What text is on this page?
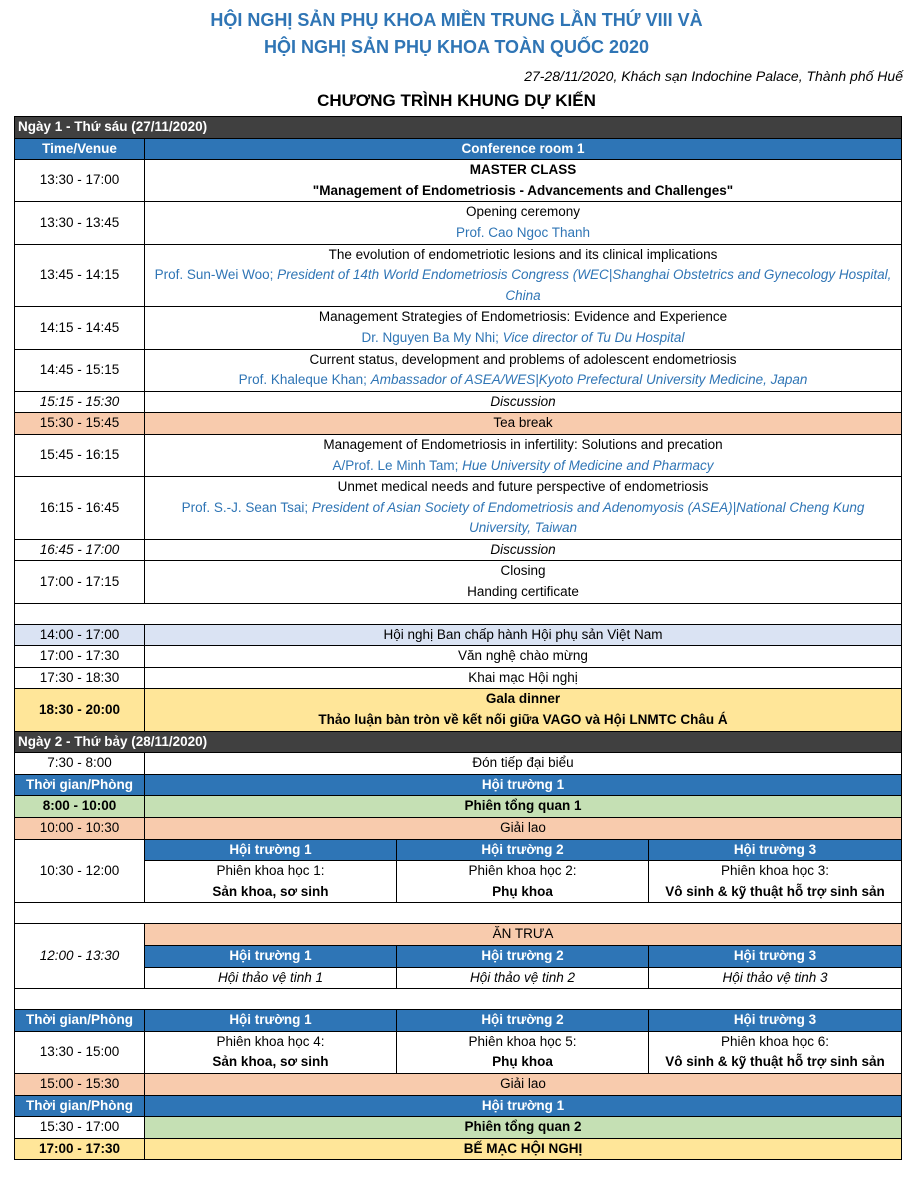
HỘI NGHỊ SẢN PHỤ KHOA MIỀN TRUNG LẦN THỨ VIII VÀ
HỘI NGHỊ SẢN PHỤ KHOA TOÀN QUỐC 2020
27-28/11/2020, Khách sạn Indochine Palace, Thành phố Huế
CHƯƠNG TRÌNH KHUNG DỰ KIẾN
Ngày 1 - Thứ sáu (27/11/2020)			
Time/Venue	Conference room 1		
13:30 - 17:00	MASTER CLASS
"Management of Endometriosis - Advancements and Challenges"		

13:30 - 13:45	Opening ceremony
Prof. Cao Ngoc Thanh		

13:45 - 14:15	The evolution of endometriotic lesions and its clinical implications
Prof. Sun-Wei Woo; President of 14th World Endometriosis Congress (WEC|Shanghai Obstetrics and Gynecology Hospital, China		

14:15 - 14:45	Management Strategies of Endometriosis: Evidence and Experience
Dr. Nguyen Ba My Nhi; Vice director of Tu Du Hospital		

14:45 - 15:15	Current status, development and problems of adolescent endometriosis
Prof. Khaleque Khan; Ambassador of ASEA/WES|Kyoto Prefectural University Medicine, Japan		

15:15 - 15:30	Discussion		
15:30 - 15:45	Tea break		
15:45 - 16:15	Management of Endometriosis in infertility: Solutions and precation
A/Prof. Le Minh Tam; Hue University of Medicine and Pharmacy		

16:15 - 16:45	Unmet medical needs and future perspective of endometriosis
Prof. S.-J. Sean Tsai; President of Asian Society of Endometriosis and Adenomyosis (ASEA)|National Cheng Kung University, Taiwan		

16:45 - 17:00	Discussion		
17:00 - 17:15	Closing
Handing certificate		

14:00 - 17:00	Hội nghị Ban chấp hành Hội phụ sản Việt Nam		
17:00 - 17:30	Văn nghệ chào mừng		
17:30 - 18:30	Khai mạc Hội nghị		
18:30 - 20:00	Gala dinner
Thảo luận bàn tròn về kết nối giữa VAGO và Hội LNMTC Châu Á		

Ngày 2 - Thứ bảy (28/11/2020)			
7:30 - 8:00	Đón tiếp đại biểu		
Thời gian/Phòng	Hội trường 1		
8:00 - 10:00	Phiên tổng quan 1		
10:00 - 10:30	Giải lao		
10:30 - 12:00	Hội trường 1	Hội trường 2	Hội trường 3
	Phiên khoa học 1:	Phiên khoa học 2:	Phiên khoa học 3:
	Sản khoa, sơ sinh	Phụ khoa	Vô sinh & kỹ thuật hỗ trợ sinh sản

12:00 - 13:30	ĂN TRƯA		
	Hội trường 1	Hội trường 2	Hội trường 3
	Hội thảo vệ tinh 1	Hội thảo vệ tinh 2	Hội thảo vệ tinh 3

Thời gian/Phòng	Hội trường 1	Hội trường 2	Hội trường 3
13:30 - 15:00	Phiên khoa học 4:	Phiên khoa học 5:	Phiên khoa học 6:
	Sản khoa, sơ sinh	Phụ khoa	Vô sinh & kỹ thuật hỗ trợ sinh sản
15:00 - 15:30	Giải lao		
Thời gian/Phòng	Hội trường 1		
15:30 - 17:00	Phiên tổng quan 2		
17:00 - 17:30	BẾ MẠC HỘI NGHỊ		
